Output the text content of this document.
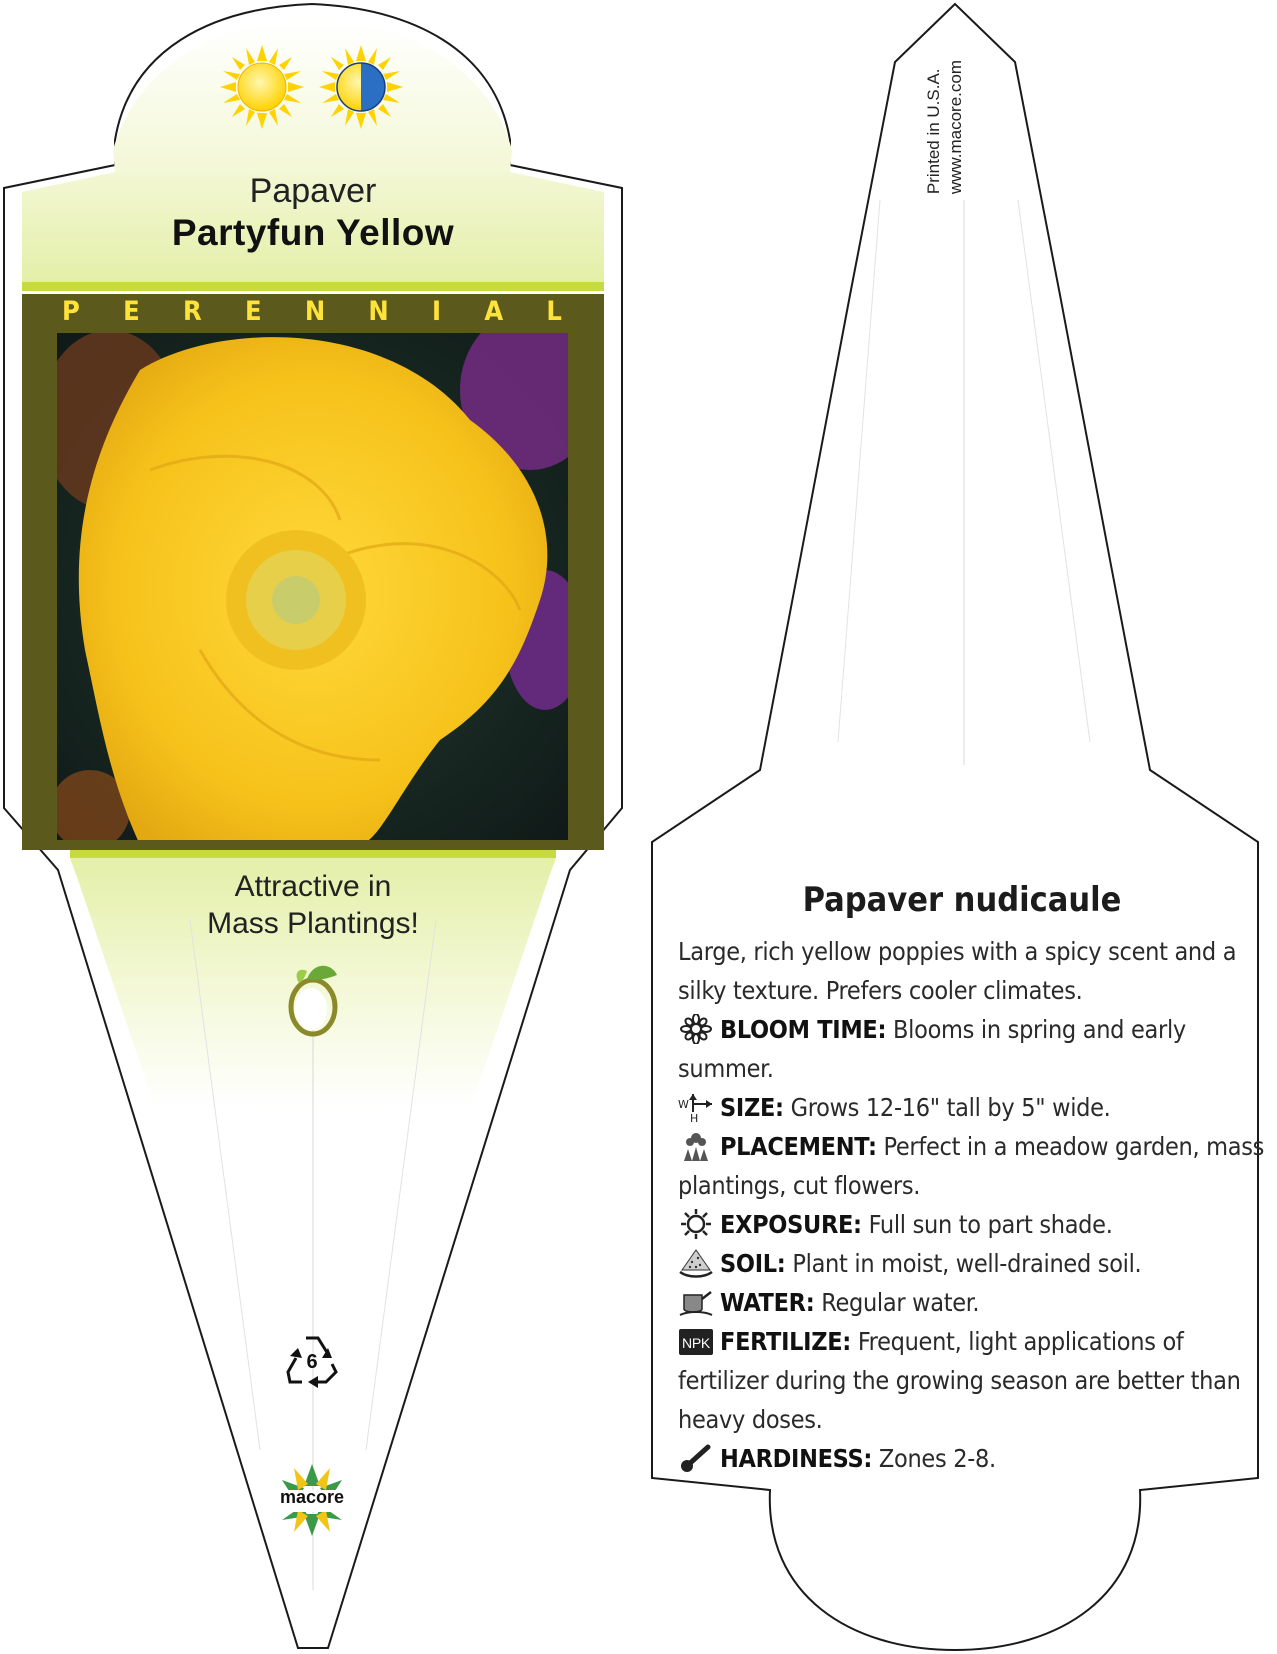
Papaver
Partyfun Yellow
P E R E N N I A L
Attractive in
Mass Plantings!
6
macore
Printed in U.S.A. www.macore.com
Papaver nudicaule

Large, rich yellow poppies with a spicy scent and a silky texture. Prefers cooler climates.

BLOOM TIME: Blooms in spring and early summer.

W
H SIZE: Grows 12-16" tall by 5" wide.

PLACEMENT: Perfect in a meadow garden, mass plantings, cut flowers.

EXPOSURE: Full sun to part shade.

SOIL: Plant in moist, well-drained soil.

WATER: Regular water.

NPK FERTILIZE: Frequent, light applications of fertilizer during the growing season are better than heavy doses.

HARDINESS: Zones 2-8.
